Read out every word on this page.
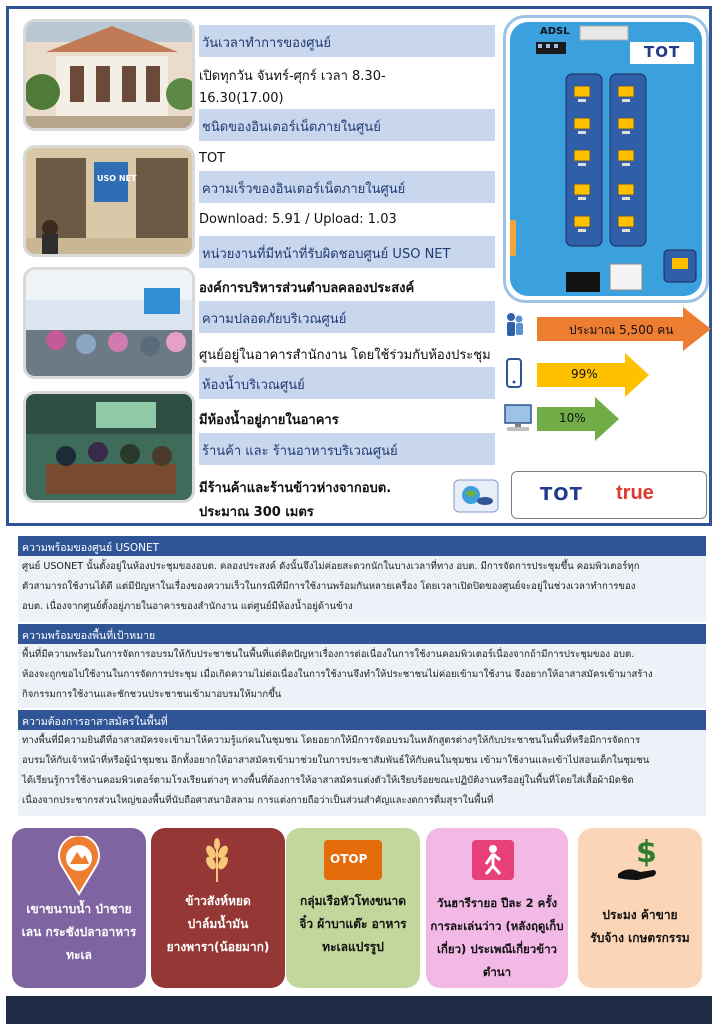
USO NET
วันเวลาทำการของศูนย์
เปิดทุกวัน จันทร์-ศุกร์ เวลา 8.30-
16.30(17.00)
ชนิดของอินเตอร์เน็ตภายในศูนย์
TOT
ความเร็วของอินเตอร์เน็ตภายในศูนย์
Download: 5.91 / Upload: 1.03
หน่วยงานที่มีหน้าที่รับผิดชอบศูนย์ USO NET
องค์การบริหารส่วนตำบลคลองประสงค์
ความปลอดภัยบริเวณศูนย์
ศูนย์อยู่ในอาคารสำนักงาน โดยใช้ร่วมกับห้องประชุม
ห้องน้ำบริเวณศูนย์
มีห้องน้ำอยู่ภายในอาคาร
ร้านค้า และ ร้านอาหารบริเวณศูนย์
มีร้านค้าและร้านข้าวห่างจากอบต.
ประมาณ 300 เมตร
ADSL
TOT
ประมาณ 5,500 คน
99%
10%
TOT true
ความพร้อมของศูนย์ USONET
ศูนย์ USONET นั้นตั้งอยู่ในห้องประชุมของอบต. คลองประสงค์ ดังนั้นจึงไม่ค่อยสะดวกนักในบางเวลาที่ทาง อบต. มีการจัดการประชุมขึ้น คอมพิวเตอร์ทุก
ตัวสามารถใช้งานได้ดี แต่มีปัญหาในเรื่องของความเร็วในกรณีที่มีการใช้งานพร้อมกันหลายเครื่อง โดยเวลาเปิดปิดของศูนย์จะอยู่ในช่วงเวลาทำการของ
อบต. เนื่องจากศูนย์ตั้งอยู่ภายในอาคารของสำนักงาน แต่ศูนย์มีห้องน้ำอยู่ด้านข้าง
ความพร้อมของพื้นที่เป้าหมาย
พื้นที่มีความพร้อมในการจัดการอบรมให้กับประชาชนในพื้นที่แต่ติดปัญหาเรื่องการต่อเนื่องในการใช้งานคอมพิวเตอร์เนื่องจากถ้ามีการประชุมของ อบต.
ห้องจะถูกขอไปใช้งานในการจัดการประชุม เมื่อเกิดความไม่ต่อเนื่องในการใช้งานจึงทำให้ประชาชนไม่ค่อยเข้ามาใช้งาน จึงอยากให้อาสาสมัครเข้ามาสร้าง
กิจกรรมการใช้งานและชักชวนประชาชนเข้ามาอบรมให้มากขึ้น
ความต้องการอาสาสมัครในพื้นที่
ทางพื้นที่มีความยินดีที่อาสาสมัครจะเข้ามาให้ความรู้แก่คนในชุมชน โดยอยากให้มีการจัดอบรมในหลักสูตรต่างๆให้กับประชาชนในพื้นที่หรือมีการจัดการ
อบรมให้กับเจ้าหน้าที่หรือผู้นำชุมชน อีกทั้งอยากให้อาสาสมัครเข้ามาช่วยในการประชาสัมพันธ์ให้กับคนในชุมชน เข้ามาใช้งานและเข้าไปสอนเด็กในชุมชน
ได้เรียนรู้การใช้งานคอมพิวเตอร์ตามโรงเรียนต่างๆ ทางพื้นที่ต้องการให้อาสาสมัครแต่งตัวให้เรียบร้อยขณะปฏิบัติงานหรืออยู่ในพื้นที่โดยใส่เสื้อผ้ามิดชิด
เนื่องจากประชากรส่วนใหญ่ของพื้นที่นับถือศาสนาอิสลาม การแต่งกายถือว่าเป็นส่วนสำคัญและงดการดื่มสุราในพื้นที่
เขาขนาบน้ำ ป่าชาย
เลน กระชังปลาอาหาร
ทะเล
ข้าวสังห์หยด
ปาล์มน้ำมัน
ยางพารา(น้อยมาก)
OTOP
กลุ่มเรือหัวโทงขนาด
จิ๋ว ผ้าบาแต๊ะ อาหาร
ทะเลแปรรูป
วันฮารีรายอ ปีละ 2 ครั้ง
การละเล่นว่าว (หลังฤดูเก็บ
เกี่ยว) ประเพณีเกี่ยวข้าว
ตำนา
$
ประมง ค้าขาย
รับจ้าง เกษตรกรรม
